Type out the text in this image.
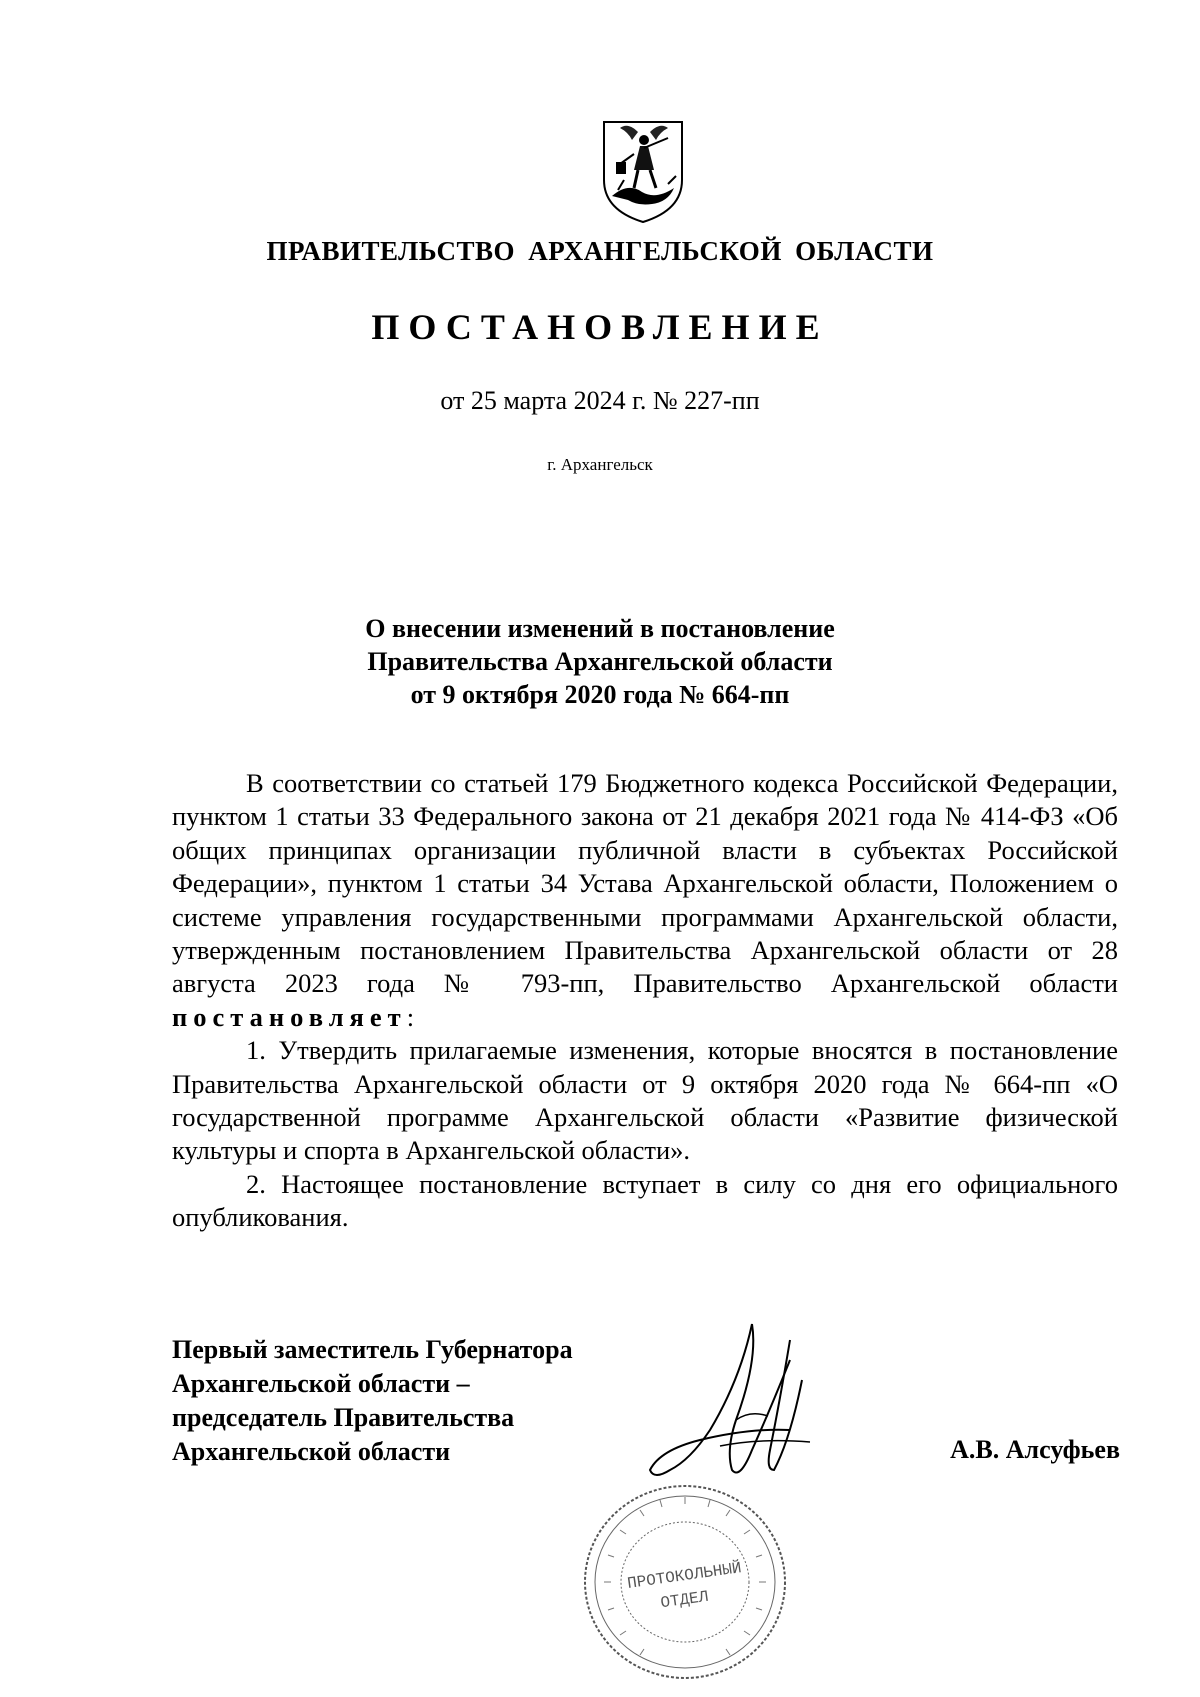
ПРАВИТЕЛЬСТВО АРХАНГЕЛЬСКОЙ ОБЛАСТИ
ПОСТАНОВЛЕНИЕ
от 25 марта 2024 г. № 227-пп
г. Архангельск
О внесении изменений в постановление
Правительства Архангельской области
от 9 октября 2020 года № 664-пп

В соответствии со статьей 179 Бюджетного кодекса Российской Федерации, пунктом 1 статьи 33 Федерального закона от 21 декабря 2021 года № 414-ФЗ «Об общих принципах организации публичной власти в субъектах Российской Федерации», пунктом 1 статьи 34 Устава Архангельской области, Положением о системе управления государственными программами Архангельской области, утвержденным постановлением Правительства Архангельской области от 28 августа 2023 года № 793-пп, Правительство Архангельской области постановляет:

1. Утвердить прилагаемые изменения, которые вносятся в постановление Правительства Архангельской области от 9 октября 2020 года № 664-пп «О государственной программе Архангельской области «Развитие физической культуры и спорта в Архангельской области».

2. Настоящее постановление вступает в силу со дня его официального опубликования.

Первый заместитель Губернатора
Архангельской области –
председатель Правительства
Архангельской области	А.В. Алсуфьев
ПРОТОКОЛЬНЫЙ
ОТДЕЛ
